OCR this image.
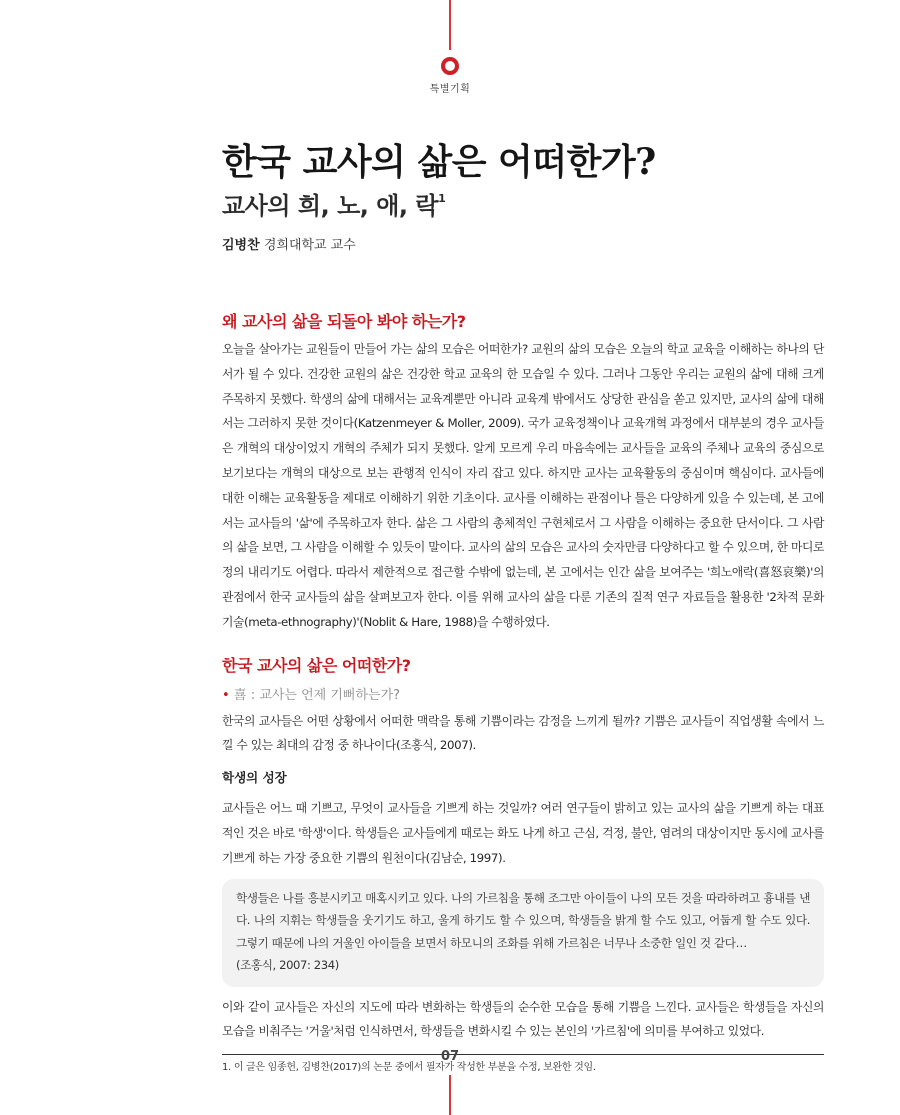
특별기획
한국 교사의 삶은 어떠한가?
교사의 희, 노, 애, 락$^1$
김병찬 경희대학교 교수
왜 교사의 삶을 되돌아 봐야 하는가?

오늘을 살아가는 교원들이 만들어 가는 삶의 모습은 어떠한가? 교원의 삶의 모습은 오늘의 학교 교육을 이해하는 하나의 단서가 될 수 있다. 건강한 교원의 삶은 건강한 학교 교육의 한 모습일 수 있다. 그러나 그동안 우리는 교원의 삶에 대해 크게 주목하지 못했다. 학생의 삶에 대해서는 교육계뿐만 아니라 교육계 밖에서도 상당한 관심을 쏟고 있지만, 교사의 삶에 대해서는 그러하지 못한 것이다(Katzenmeyer & Moller, 2009). 국가 교육정책이나 교육개혁 과정에서 대부분의 경우 교사들은 개혁의 대상이었지 개혁의 주체가 되지 못했다. 알게 모르게 우리 마음속에는 교사들을 교육의 주체나 교육의 중심으로 보기보다는 개혁의 대상으로 보는 관행적 인식이 자리 잡고 있다. 하지만 교사는 교육활동의 중심이며 핵심이다. 교사들에 대한 이해는 교육활동을 제대로 이해하기 위한 기초이다. 교사를 이해하는 관점이나 틀은 다양하게 있을 수 있는데, 본 고에서는 교사들의 '삶'에 주목하고자 한다. 삶은 그 사람의 총체적인 구현체로서 그 사람을 이해하는 중요한 단서이다. 그 사람의 삶을 보면, 그 사람을 이해할 수 있듯이 말이다. 교사의 삶의 모습은 교사의 숫자만큼 다양하다고 할 수 있으며, 한 마디로 정의 내리기도 어렵다. 따라서 제한적으로 접근할 수밖에 없는데, 본 고에서는 인간 삶을 보여주는 '희노애락(喜怒哀樂)'의 관점에서 한국 교사들의 삶을 살펴보고자 한다. 이를 위해 교사의 삶을 다룬 기존의 질적 연구 자료들을 활용한 '2차적 문화기술(meta-ethnography)'(Noblit & Hare, 1988)을 수행하였다.

한국 교사의 삶은 어떠한가?
• 喜 : 교사는 언제 기뻐하는가?

한국의 교사들은 어떤 상황에서 어떠한 맥락을 통해 기쁨이라는 감정을 느끼게 될까? 기쁨은 교사들이 직업생활 속에서 느낄 수 있는 최대의 감정 중 하나이다(조홍식, 2007).

학생의 성장

교사들은 어느 때 기쁘고, 무엇이 교사들을 기쁘게 하는 것일까? 여러 연구들이 밝히고 있는 교사의 삶을 기쁘게 하는 대표적인 것은 바로 '학생'이다. 학생들은 교사들에게 때로는 화도 나게 하고 근심, 걱정, 불안, 염려의 대상이지만 동시에 교사를 기쁘게 하는 가장 중요한 기쁨의 원천이다(김남순, 1997).

학생들은 나를 흥분시키고 매혹시키고 있다. 나의 가르침을 통해 조그만 아이들이 나의 모든 것을 따라하려고 흉내를 낸다. 나의 지휘는 학생들을 웃기기도 하고, 울게 하기도 할 수 있으며, 학생들을 밝게 할 수도 있고, 어둡게 할 수도 있다. 그렇기 때문에 나의 거울인 아이들을 보면서 하모니의 조화를 위해 가르침은 너무나 소중한 일인 것 같다…

(조홍식, 2007: 234)

이와 같이 교사들은 자신의 지도에 따라 변화하는 학생들의 순수한 모습을 통해 기쁨을 느낀다. 교사들은 학생들을 자신의 모습을 비춰주는 '거울'처럼 인식하면서, 학생들을 변화시킬 수 있는 본인의 '가르침'에 의미를 부여하고 있었다.

1. 이 글은 임종헌, 김병찬(2017)의 논문 중에서 필자가 작성한 부분을 수정, 보완한 것임.
07
